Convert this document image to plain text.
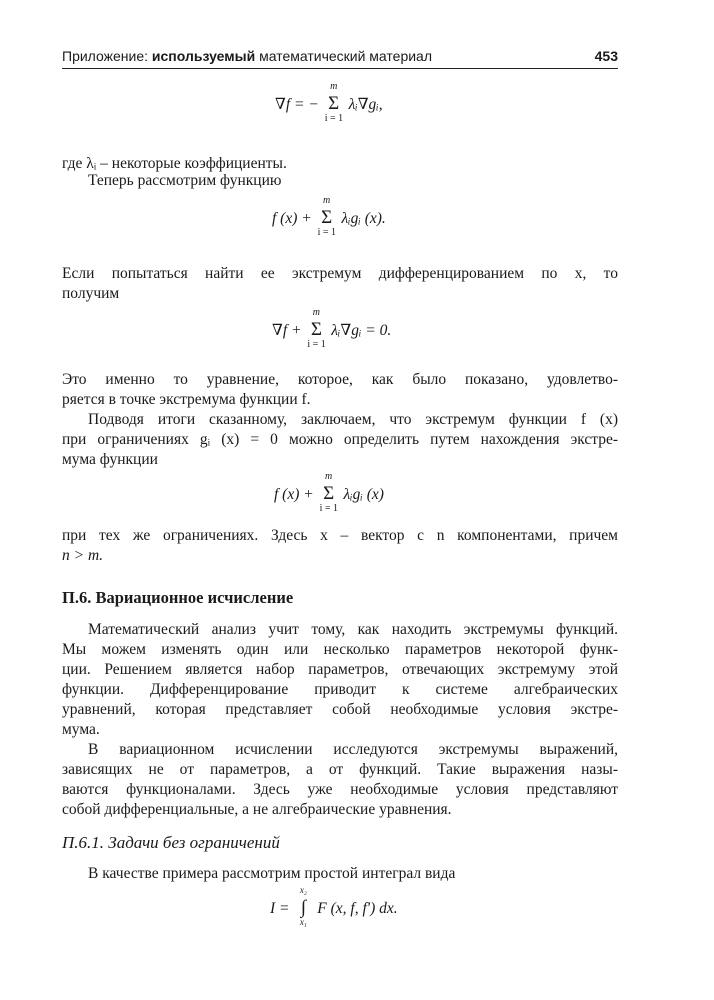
Приложение: используемый математический материал	453
∇f = −
m
Σ
i = 1
λᵢ∇gᵢ,
где λᵢ – некоторые коэффициенты.
Теперь рассмотрим функцию
f (x) +
m
Σ
i = 1
λᵢgᵢ (x).
Если попытаться найти ее экстремум дифференцированием по x, то
получим
∇f +
m
Σ
i = 1
λᵢ∇gᵢ = 0.
Это именно то уравнение, которое, как было показано, удовлетво-
ряется в точке экстремума функции f.
Подводя итоги сказанному, заключаем, что экстремум функции f (x)
при ограничениях gᵢ (x) = 0 можно определить путем нахождения экстре-
мума функции
f (x) +
m
Σ
i = 1
λᵢgᵢ (x)
при тех же ограничениях. Здесь x – вектор с n компонентами, причем
n > m.
П.6. Вариационное исчисление
Математический анализ учит тому, как находить экстремумы функций.
Мы можем изменять один или несколько параметров некоторой функ-
ции. Решением является набор параметров, отвечающих экстремуму этой
функции. Дифференцирование приводит к системе алгебраических
уравнений, которая представляет собой необходимые условия экстре-
мума.
В вариационном исчислении исследуются экстремумы выражений,
зависящих не от параметров, а от функций. Такие выражения назы-
ваются функционалами. Здесь уже необходимые условия представляют
собой дифференциальные, а не алгебраические уравнения.
П.6.1. Задачи без ограничений
В качестве примера рассмотрим простой интеграл вида
I =
x₂
∫
x₁
F (x, f, f′) dx.
